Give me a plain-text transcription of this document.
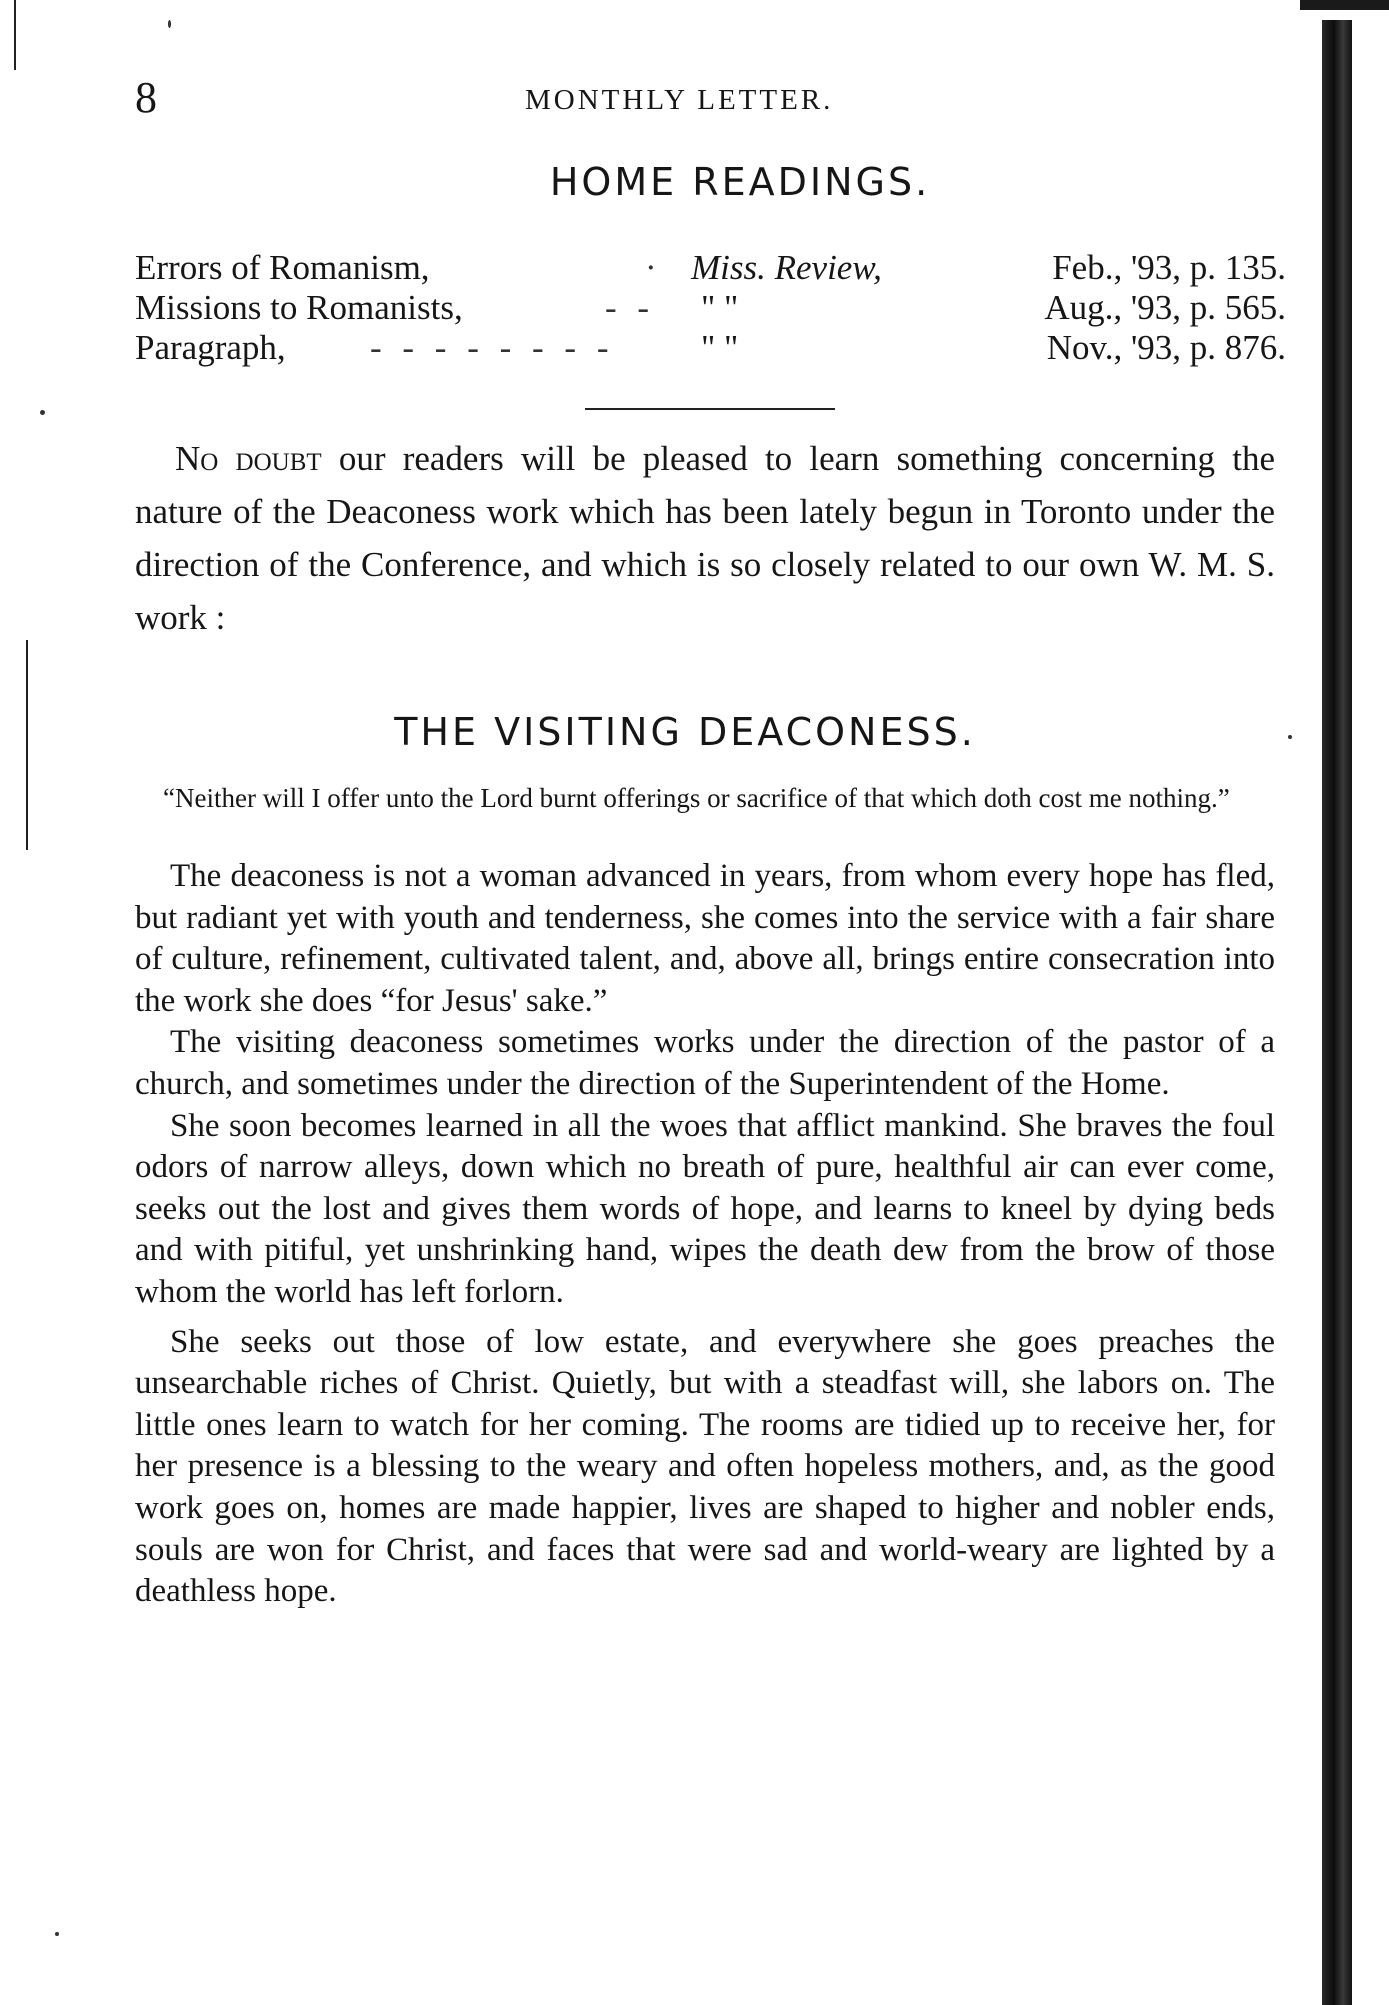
8	MONTHLY LETTER.
HOME READINGS.
Errors of Romanism,	· Miss. Review,	Feb., '93, p. 135.
Missions to Romanists,	- - " "	Aug., '93, p. 565.
Paragraph, - - - - - - - - " "	Nov., '93, p. 876.
No doubt our readers will be pleased to learn something concerning the nature of the Deaconess work which has been lately begun in Toronto under the direction of the Conference, and which is so closely related to our own W. M. S. work :
THE VISITING DEACONESS.
“Neither will I offer unto the Lord burnt offerings or sacrifice of that which doth cost me nothing.”

The deaconess is not a woman advanced in years, from whom every hope has fled, but radiant yet with youth and tenderness, she comes into the service with a fair share of culture, refinement, cultivated talent, and, above all, brings entire consecration into the work she does “for Jesus' sake.”

The visiting deaconess sometimes works under the direction of the pastor of a church, and sometimes under the direction of the Superintendent of the Home.

She soon becomes learned in all the woes that afflict mankind. She braves the foul odors of narrow alleys, down which no breath of pure, healthful air can ever come, seeks out the lost and gives them words of hope, and learns to kneel by dying beds and with pitiful, yet unshrinking hand, wipes the death dew from the brow of those whom the world has left forlorn.

She seeks out those of low estate, and everywhere she goes preaches the unsearchable riches of Christ. Quietly, but with a steadfast will, she labors on. The little ones learn to watch for her coming. The rooms are tidied up to receive her, for her presence is a blessing to the weary and often hopeless mothers, and, as the good work goes on, homes are made happier, lives are shaped to higher and nobler ends, souls are won for Christ, and faces that were sad and world-weary are lighted by a deathless hope.
